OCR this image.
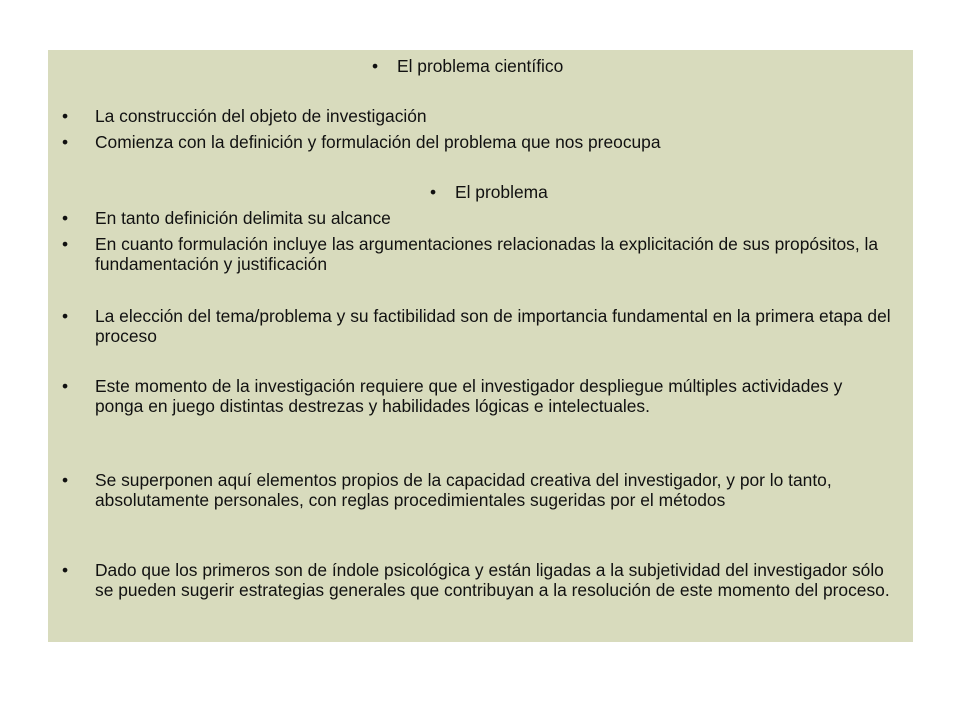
•	El problema científico
•	La construcción del objeto de investigación
•	Comienza con la definición y formulación del problema que nos preocupa
•	El problema
•	En tanto definición delimita su alcance
•	En cuanto formulación incluye las argumentaciones relacionadas la explicitación de sus propósitos, la fundamentación y justificación
•	La elección del tema/problema y su factibilidad son de importancia fundamental en la primera etapa del proceso
•	Este momento de la investigación requiere que el investigador despliegue múltiples actividades y ponga en juego distintas destrezas y habilidades lógicas e intelectuales.
•	Se superponen aquí elementos propios de la capacidad creativa del investigador, y por lo tanto, absolutamente personales, con reglas procedimientales sugeridas por el métodos
•	Dado que los primeros son de índole psicológica y están ligadas a la subjetividad del investigador sólo se pueden sugerir estrategias generales que contribuyan a la resolución de este momento del proceso.
